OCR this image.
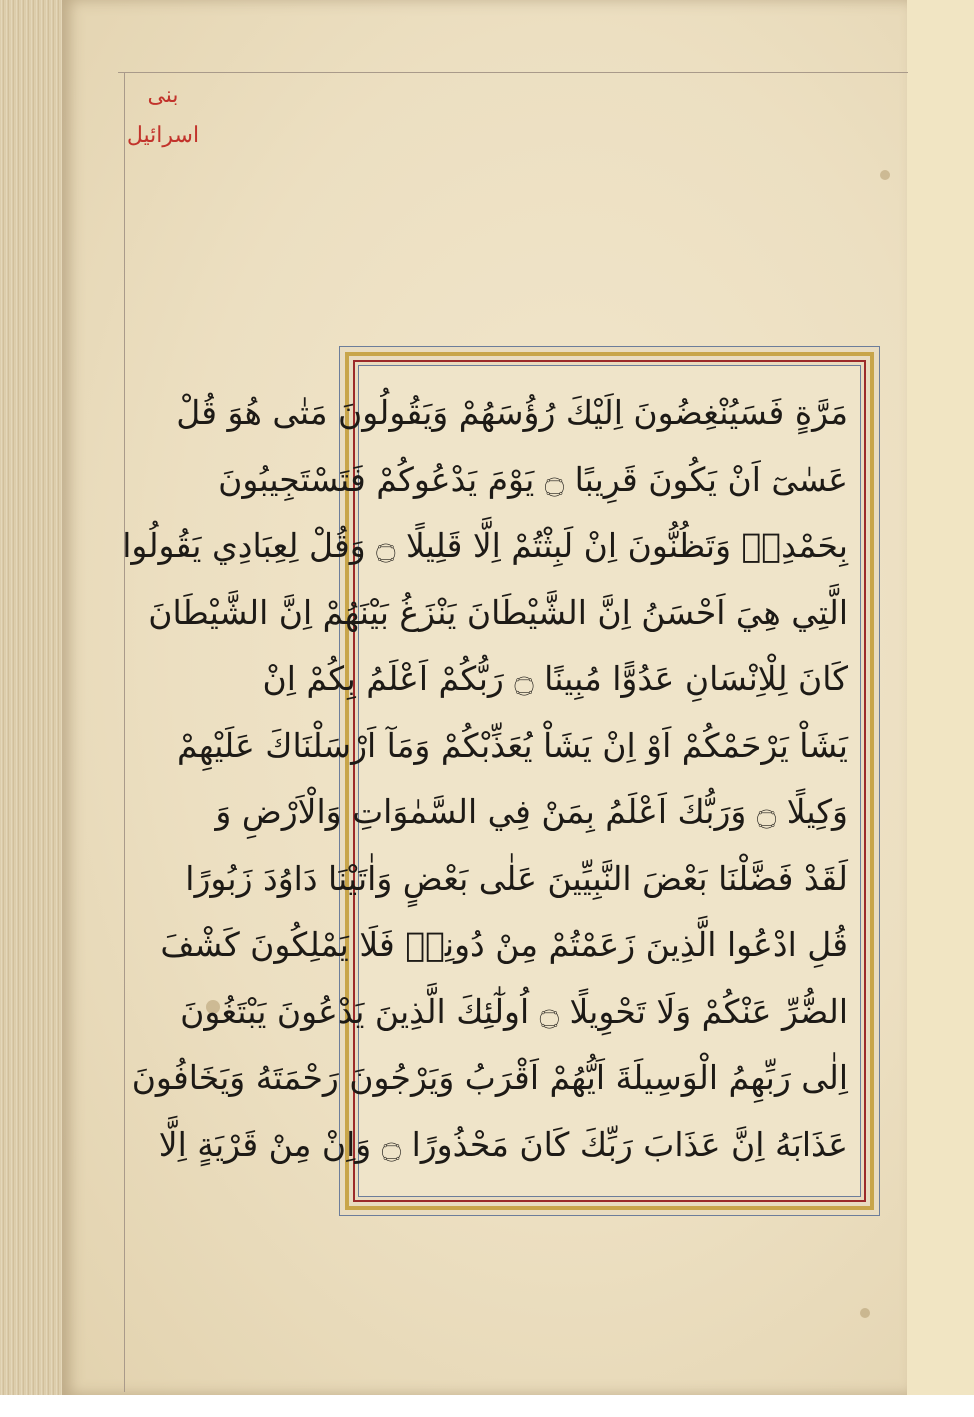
بنی اسرائیل
مَرَّةٍ فَسَيُنْغِضُونَ اِلَيْكَ رُؤُسَهُمْ وَيَقُولُونَ مَتٰى هُوَ قُلْ
عَسٰىٓ اَنْ يَكُونَ قَرِيبًا ۝ يَوْمَ يَدْعُوكُمْ فَتَسْتَجِيبُونَ
بِحَمْدِهٖ وَتَظُنُّونَ اِنْ لَبِثْتُمْ اِلَّا قَلِيلًا ۝ وَقُلْ لِعِبَادِي يَقُولُوا
الَّتِي هِيَ اَحْسَنُ اِنَّ الشَّيْطَانَ يَنْزَغُ بَيْنَهُمْ اِنَّ الشَّيْطَانَ
كَانَ لِلْاِنْسَانِ عَدُوًّا مُبِينًا ۝ رَبُّكُمْ اَعْلَمُ بِكُمْ اِنْ
يَشَاْ يَرْحَمْكُمْ اَوْ اِنْ يَشَاْ يُعَذِّبْكُمْ وَمَآ اَرْسَلْنَاكَ عَلَيْهِمْ
وَكِيلًا ۝ وَرَبُّكَ اَعْلَمُ بِمَنْ فِي السَّمٰوَاتِ وَالْاَرْضِ وَ
لَقَدْ فَضَّلْنَا بَعْضَ النَّبِيِّينَ عَلٰى بَعْضٍ وَاٰتَيْنَا دَاوُدَ زَبُورًا
قُلِ ادْعُوا الَّذِينَ زَعَمْتُمْ مِنْ دُونِهٖ فَلَا يَمْلِكُونَ كَشْفَ
الضُّرِّ عَنْكُمْ وَلَا تَحْوِيلًا ۝ اُولٰٓئِكَ الَّذِينَ يَدْعُونَ يَبْتَغُونَ
اِلٰى رَبِّهِمُ الْوَسِيلَةَ اَيُّهُمْ اَقْرَبُ وَيَرْجُونَ رَحْمَتَهُ وَيَخَافُونَ
عَذَابَهُ اِنَّ عَذَابَ رَبِّكَ كَانَ مَحْذُورًا ۝ وَاِنْ مِنْ قَرْيَةٍ اِلَّا
